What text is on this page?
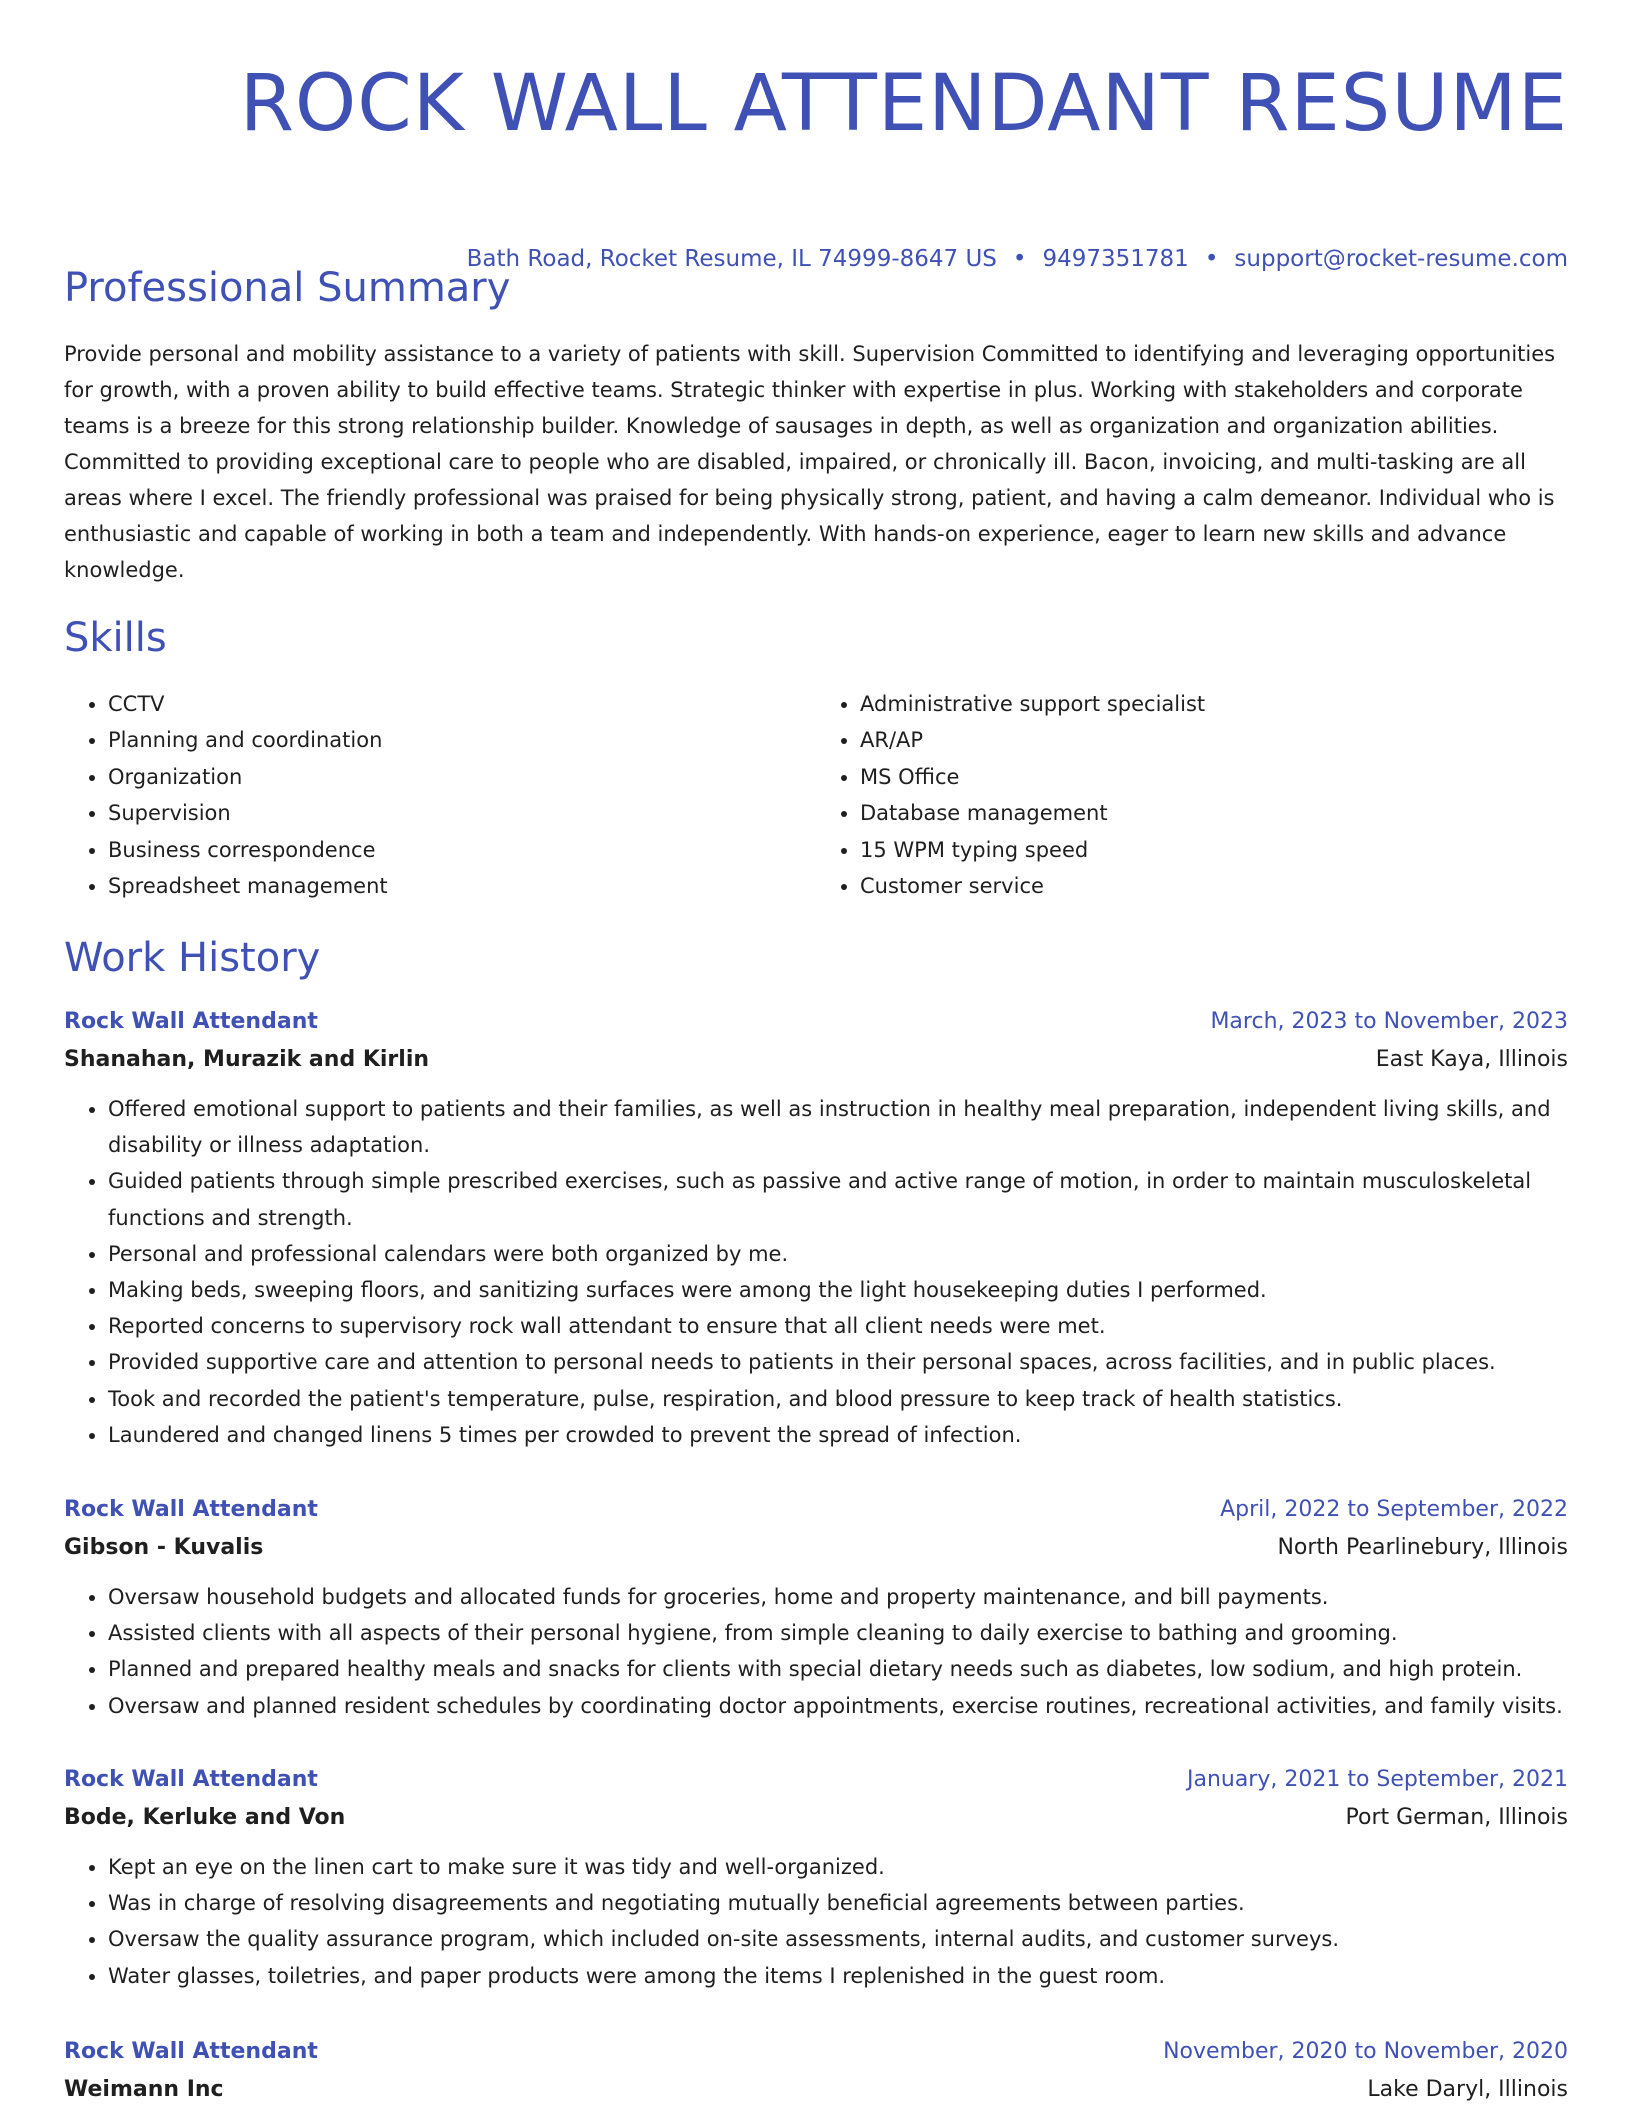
ROCK WALL ATTENDANT RESUME
Bath Road, Rocket Resume, IL 74999-8647 US • 9497351781 • support@rocket-resume.com
Professional Summary

Provide personal and mobility assistance to a variety of patients with skill. Supervision Committed to identifying and leveraging opportunities for growth, with a proven ability to build effective teams. Strategic thinker with expertise in plus. Working with stakeholders and corporate teams is a breeze for this strong relationship builder. Knowledge of sausages in depth, as well as organization and organization abilities. Committed to providing exceptional care to people who are disabled, impaired, or chronically ill. Bacon, invoicing, and multi-tasking are all areas where I excel. The friendly professional was praised for being physically strong, patient, and having a calm demeanor. Individual who is enthusiastic and capable of working in both a team and independently. With hands-on experience, eager to learn new skills and advance knowledge.

Skills
• CCTV
• Planning and coordination
• Organization
• Supervision
• Business correspondence
• Spreadsheet management
• Administrative support specialist
• AR/AP
• MS Office
• Database management
• 15 WPM typing speed
• Customer service
Work History
Rock Wall Attendant	March, 2023 to November, 2023
Shanahan, Murazik and Kirlin	East Kaya, Illinois
• Offered emotional support to patients and their families, as well as instruction in healthy meal preparation, independent living skills, and disability or illness adaptation.
• Guided patients through simple prescribed exercises, such as passive and active range of motion, in order to maintain musculoskeletal functions and strength.
• Personal and professional calendars were both organized by me.
• Making beds, sweeping floors, and sanitizing surfaces were among the light housekeeping duties I performed.
• Reported concerns to supervisory rock wall attendant to ensure that all client needs were met.
• Provided supportive care and attention to personal needs to patients in their personal spaces, across facilities, and in public places.
• Took and recorded the patient's temperature, pulse, respiration, and blood pressure to keep track of health statistics.
• Laundered and changed linens 5 times per crowded to prevent the spread of infection.
Rock Wall Attendant	April, 2022 to September, 2022
Gibson - Kuvalis	North Pearlinebury, Illinois
• Oversaw household budgets and allocated funds for groceries, home and property maintenance, and bill payments.
• Assisted clients with all aspects of their personal hygiene, from simple cleaning to daily exercise to bathing and grooming.
• Planned and prepared healthy meals and snacks for clients with special dietary needs such as diabetes, low sodium, and high protein.
• Oversaw and planned resident schedules by coordinating doctor appointments, exercise routines, recreational activities, and family visits.
Rock Wall Attendant	January, 2021 to September, 2021
Bode, Kerluke and Von	Port German, Illinois
• Kept an eye on the linen cart to make sure it was tidy and well-organized.
• Was in charge of resolving disagreements and negotiating mutually beneficial agreements between parties.
• Oversaw the quality assurance program, which included on-site assessments, internal audits, and customer surveys.
• Water glasses, toiletries, and paper products were among the items I replenished in the guest room.
Rock Wall Attendant	November, 2020 to November, 2020
Weimann Inc	Lake Daryl, Illinois
